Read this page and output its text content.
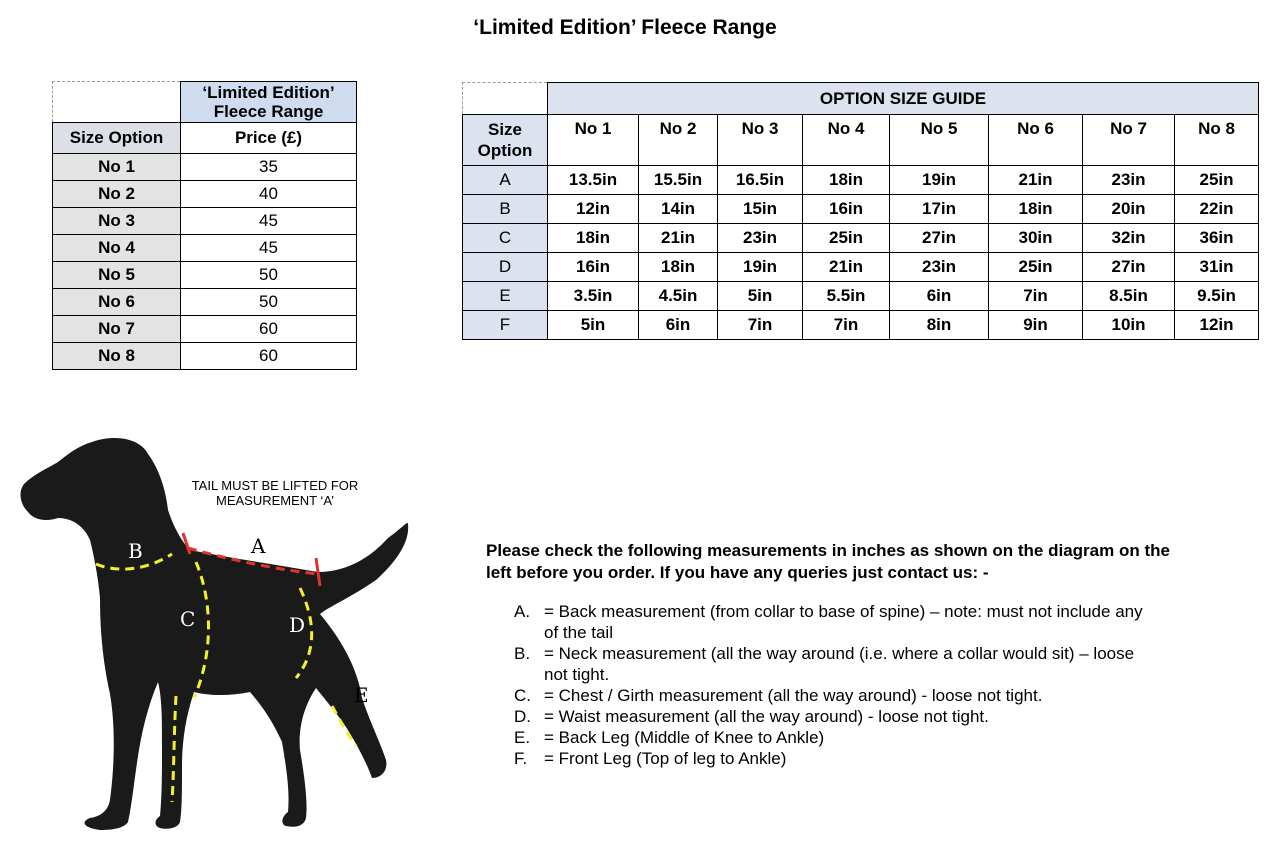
‘Limited Edition’ Fleece Range
	‘Limited Edition’ Fleece Range
Size Option	Price (£)
No 1	35
No 2	40
No 3	45
No 4	45
No 5	50
No 6	50
No 7	60
No 8	60
	OPTION SIZE GUIDE							
Size Option	No 1	No 2	No 3	No 4	No 5	No 6	No 7	No 8
A	13.5in	15.5in	16.5in	18in	19in	21in	23in	25in
B	12in	14in	15in	16in	17in	18in	20in	22in
C	18in	21in	23in	25in	27in	30in	32in	36in
D	16in	18in	19in	21in	23in	25in	27in	31in
E	3.5in	4.5in	5in	5.5in	6in	7in	8.5in	9.5in
F	5in	6in	7in	7in	8in	9in	10in	12in
A
B
C	D
E
F
TAIL MUST BE LIFTED FOR MEASUREMENT ‘A’
Please check the following measurements in inches as shown on the diagram on the left before you order. If you have any queries just contact us: -
A. = Back measurement (from collar to base of spine) – note: must not include any of the tail
B. = Neck measurement (all the way around (i.e. where a collar would sit) – loose not tight.
C. = Chest / Girth measurement (all the way around) - loose not tight.
D. = Waist measurement (all the way around) - loose not tight.
E. = Back Leg (Middle of Knee to Ankle)
F. = Front Leg (Top of leg to Ankle)
